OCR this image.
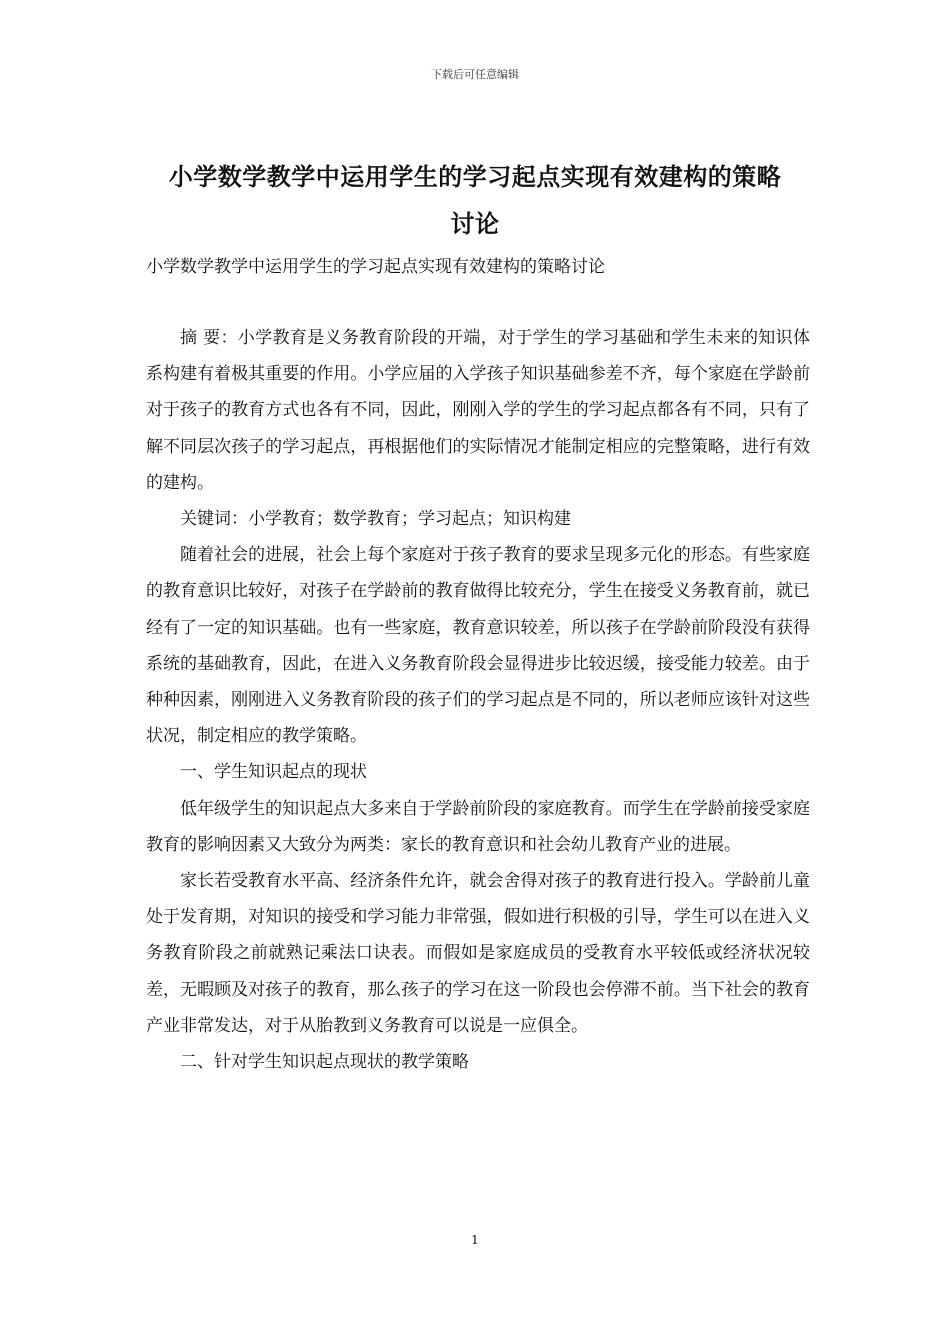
下载后可任意编辑
小学数学教学中运用学生的学习起点实现有效建构的策略
讨论
小学数学教学中运用学生的学习起点实现有效建构的策略讨论

摘 要：小学教育是义务教育阶段的开端，对于学生的学习基础和学生未来的知识体系构建有着极其重要的作用。小学应届的入学孩子知识基础参差不齐，每个家庭在学龄前对于孩子的教育方式也各有不同，因此，刚刚入学的学生的学习起点都各有不同，只有了解不同层次孩子的学习起点，再根据他们的实际情况才能制定相应的完整策略，进行有效的建构。

关键词：小学教育；数学教育；学习起点；知识构建

随着社会的进展，社会上每个家庭对于孩子教育的要求呈现多元化的形态。有些家庭的教育意识比较好，对孩子在学龄前的教育做得比较充分，学生在接受义务教育前，就已经有了一定的知识基础。也有一些家庭，教育意识较差，所以孩子在学龄前阶段没有获得系统的基础教育，因此，在进入义务教育阶段会显得进步比较迟缓，接受能力较差。由于种种因素，刚刚进入义务教育阶段的孩子们的学习起点是不同的，所以老师应该针对这些状况，制定相应的教学策略。

一、学生知识起点的现状

低年级学生的知识起点大多来自于学龄前阶段的家庭教育。而学生在学龄前接受家庭教育的影响因素又大致分为两类：家长的教育意识和社会幼儿教育产业的进展。

家长若受教育水平高、经济条件允许，就会舍得对孩子的教育进行投入。学龄前儿童处于发育期，对知识的接受和学习能力非常强，假如进行积极的引导，学生可以在进入义务教育阶段之前就熟记乘法口诀表。而假如是家庭成员的受教育水平较低或经济状况较差，无暇顾及对孩子的教育，那么孩子的学习在这一阶段也会停滞不前。当下社会的教育产业非常发达，对于从胎教到义务教育可以说是一应俱全。

二、针对学生知识起点现状的教学策略

1
